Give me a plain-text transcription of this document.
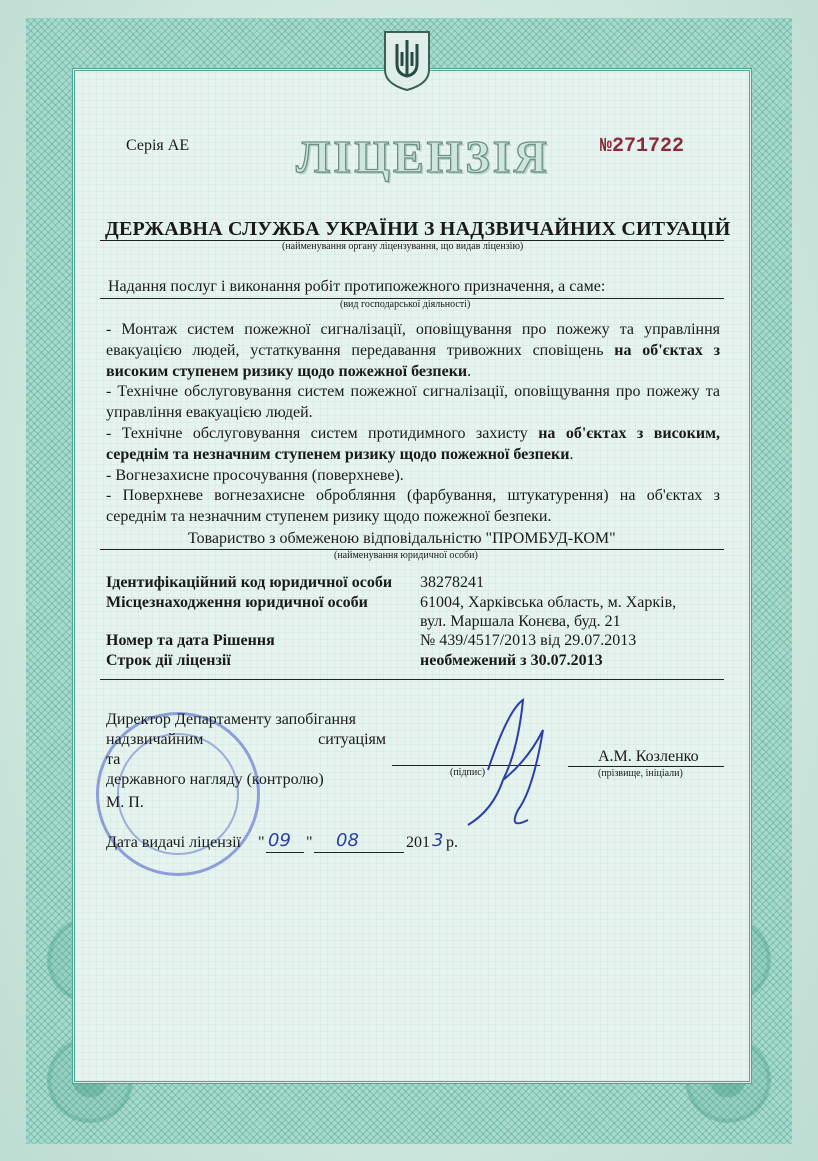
Серія АЕ ЛІЦЕНЗІЯ	№271722
ДЕРЖАВНА СЛУЖБА УКРАЇНИ З НАДЗВИЧАЙНИХ СИТУАЦІЙ
(найменування органу ліцензування, що видав ліцензію)
Надання послуг і виконання робіт протипожежного призначення, а саме:
(вид господарської діяльності)

- Монтаж систем пожежної сигналізації, оповіщування про пожежу та управління евакуацією людей, устаткування передавання тривожних сповіщень на об'єктах з високим ступенем ризику щодо пожежної безпеки.

- Технічне обслуговування систем пожежної сигналізації, оповіщування про пожежу та управління евакуацією людей.

- Технічне обслуговування систем протидимного захисту на об'єктах з високим, середнім та незначним ступенем ризику щодо пожежної безпеки.

- Вогнезахисне просочування (поверхневе).

- Поверхневе вогнезахисне обробляння (фарбування, штукатурення) на об'єктах з середнім та незначним ступенем ризику щодо пожежної безпеки.

Товариство з обмеженою відповідальністю "ПРОМБУД-КОМ"
(найменування юридичної особи)
Ідентифікаційний код юридичної особи 38278241
Місцезнаходження юридичної особи	61004, Харківська область, м. Харків,
вул. Маршала Конєва, буд. 21
Номер та дата Рішення	№ 439/4517/2013 від 29.07.2013
Строк дії ліцензії	необмежений з 30.07.2013
Директор Департаменту запобігання
надзвичайним ситуаціям та
державного нагляду (контролю)	(підпис)
А.М. Козленко
(прізвище, ініціали)
М. П.
Дата видачі ліцензії " 09 " 08	201 3 р.
